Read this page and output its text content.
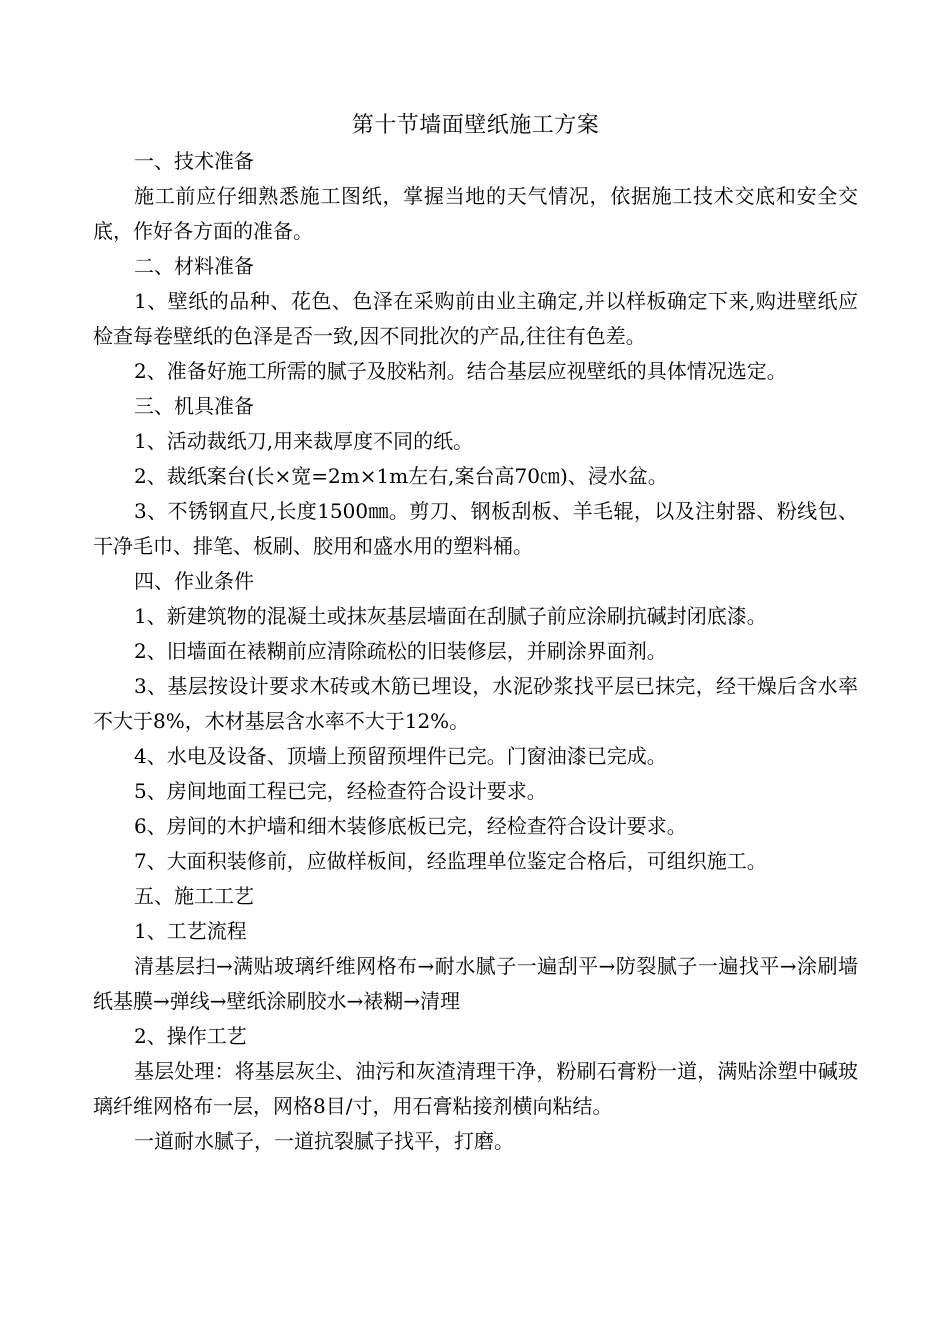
第十节墙面壁纸施工方案

一、技术准备

施工前应仔细熟悉施工图纸，掌握当地的天气情况，依据施工技术交底和安全交底，作好各方面的准备。

二、材料准备

1、壁纸的品种、花色、色泽在采购前由业主确定,并以样板确定下来,购进壁纸应检查每卷壁纸的色泽是否一致,因不同批次的产品,往往有色差。

2、准备好施工所需的腻子及胶粘剂。结合基层应视壁纸的具体情况选定。

三、机具准备

1、活动裁纸刀,用来裁厚度不同的纸。

2、裁纸案台(长×宽=2m×1m左右,案台高70㎝)、浸水盆。

3、不锈钢直尺,长度1500㎜。剪刀、钢板刮板、羊毛辊，以及注射器、粉线包、干净毛巾、排笔、板刷、胶用和盛水用的塑料桶。

四、作业条件

1、新建筑物的混凝土或抹灰基层墙面在刮腻子前应涂刷抗碱封闭底漆。

2、旧墙面在裱糊前应清除疏松的旧装修层，并刷涂界面剂。

3、基层按设计要求木砖或木筋已埋设，水泥砂浆找平层已抹完，经干燥后含水率不大于8%，木材基层含水率不大于12%。

4、水电及设备、顶墙上预留预埋件已完。门窗油漆已完成。

5、房间地面工程已完，经检查符合设计要求。

6、房间的木护墙和细木装修底板已完，经检查符合设计要求。

7、大面积装修前，应做样板间，经监理单位鉴定合格后，可组织施工。

五、施工工艺

1、工艺流程

清基层扫→满贴玻璃纤维网格布→耐水腻子一遍刮平→防裂腻子一遍找平→涂刷墙纸基膜→弹线→壁纸涂刷胶水→裱糊→清理

2、操作工艺

基层处理：将基层灰尘、油污和灰渣清理干净，粉刷石膏粉一道，满贴涂塑中碱玻璃纤维网格布一层，网格8目/寸，用石膏粘接剂横向粘结。

一道耐水腻子，一道抗裂腻子找平，打磨。
